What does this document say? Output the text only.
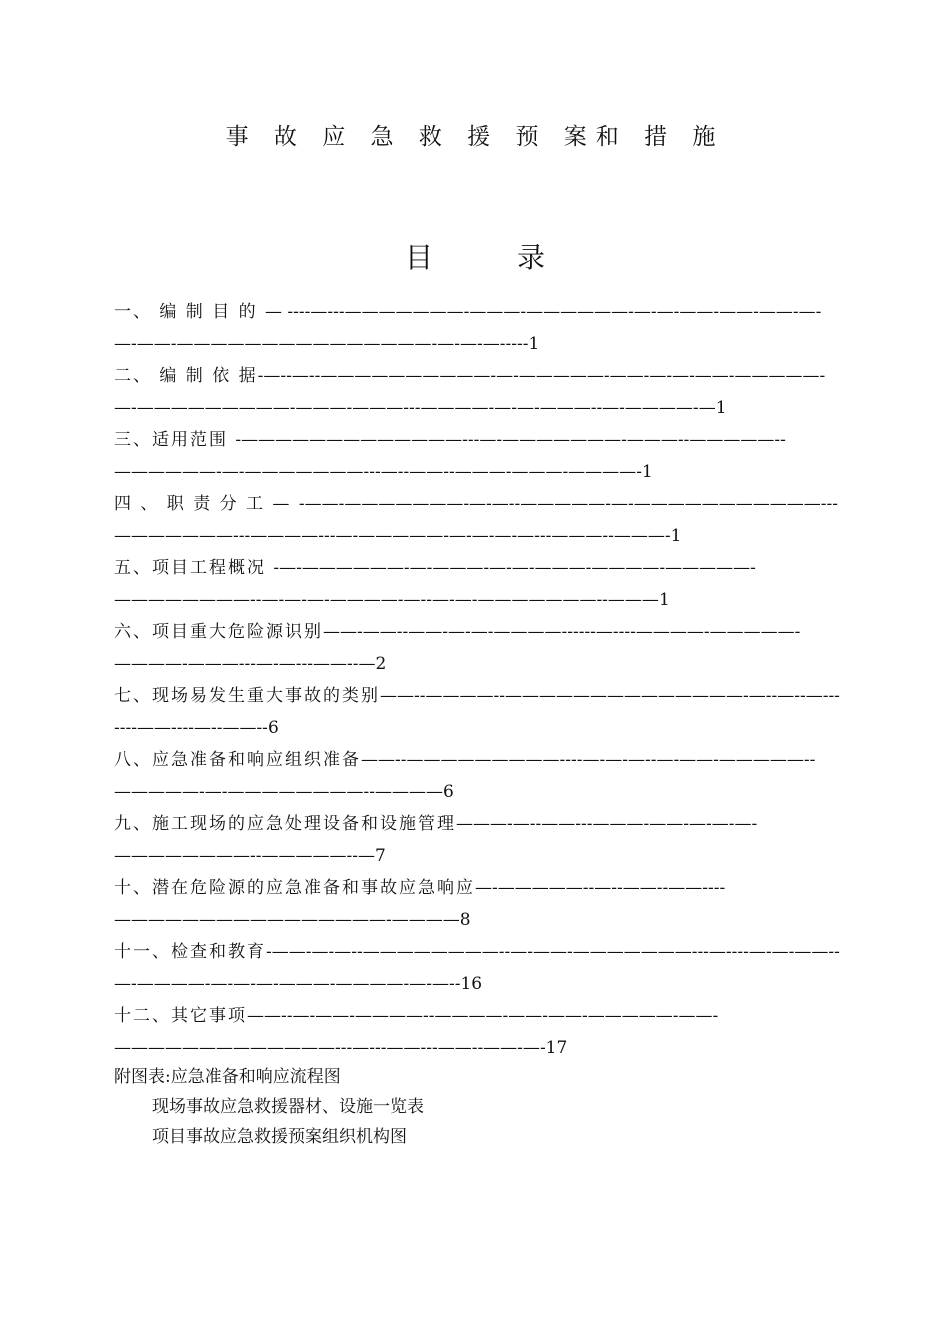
事 故 应 急 救 援 预 案和 措 施
目	录
一、 编 制 目 的 — ----—---———————-———-——————-—-—-——-——-——-—-—-——-———————————————-—-—-—-----1
二、 编 制 依 据-—--—--——————————-—-—————-——-—-—-——-—————-—-—————————-———-———---————-—-—-———--—-————-—1
三、适用范围 -—————————————---—-———————-———--—————--——————-—-———————---—--——--———-———-————-1
四 、 职 责 分 工 — -——-———————-—-—--—————-—-———————————---———————---————---—-—————-—-—-—-—---———--———-1
五、项目工程概况 -—-——————-—-———-—-—-———-————-—————-————————--—-—-—-————-—--—-—-———————--———1
六、项目重大危险源识别——-——--——-—-—-————------—----————-—————-————-———---—-—---——--—2
七、现场易发生重大事故的类别——--————--——————————————-—--—--—-------——----—--——--6
八、应急准备和响应组织准备——--—————————----—-—-—--—-——-—————--—————-—-————————--————6
九、施工现场的应急处理设备和设施管理———-—--——---———-——-—-—-—-————————--—————--—7
十、潜在危险源的应急准备和事故应急响应—-—————--—--——--——----————————————————-————8
十一、检查和教育-——-—-—--————————--—-——-———————---—----—-—-——--—-————-—-—-—-———-————-—-—--16
十二、其它事项——--—-——-————--————-——-——-—————-——-—————————————---—---——---——--——-—-17
附图表:应急准备和响应流程图
现场事故应急救援器材、设施一览表
项目事故应急救援预案组织机构图
